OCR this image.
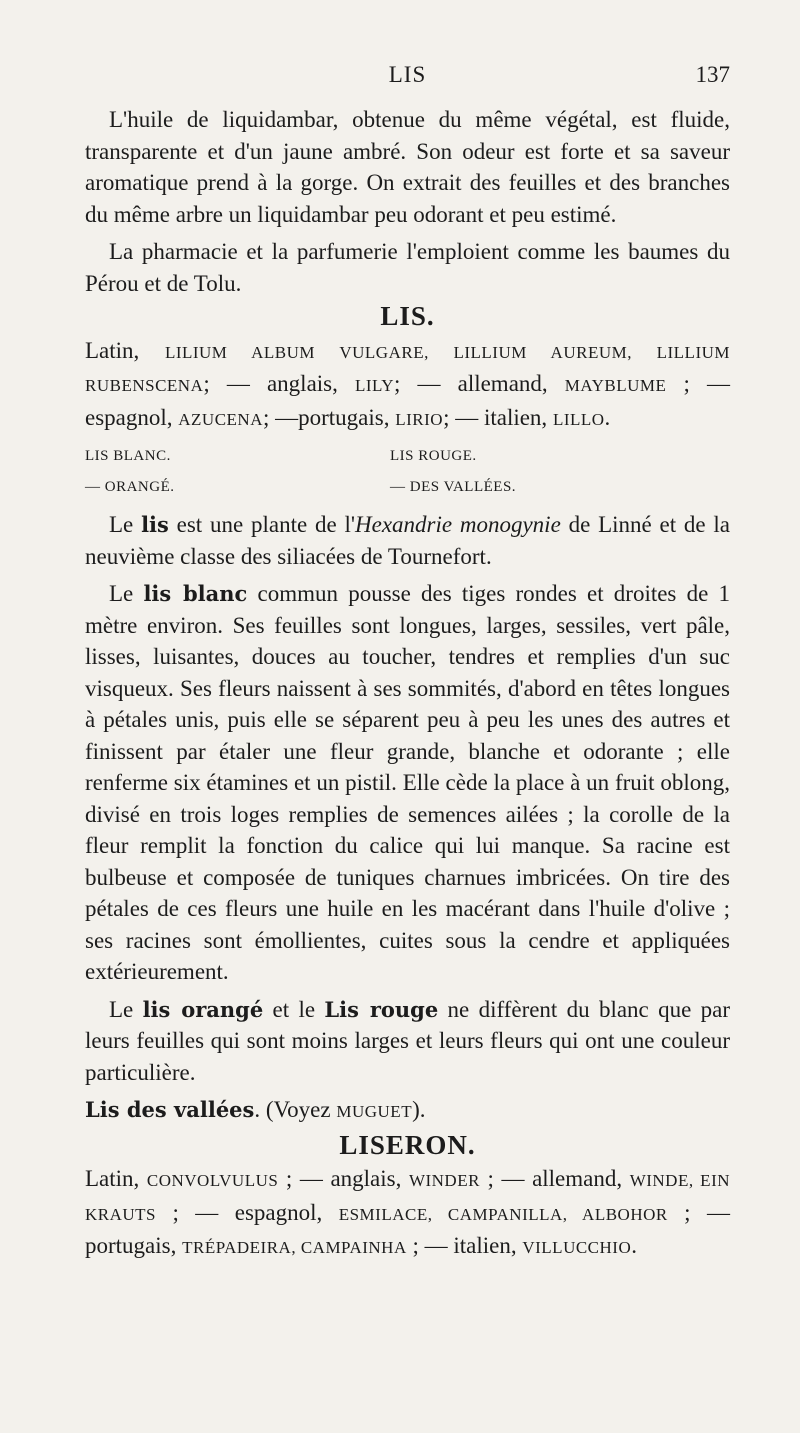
LIS	137

L'huile de liquidambar, obtenue du même végétal, est fluide, transparente et d'un jaune ambré. Son odeur est forte et sa saveur aromatique prend à la gorge. On extrait des feuilles et des branches du même arbre un liquidambar peu odorant et peu estimé.

La pharmacie et la parfumerie l'emploient comme les baumes du Pérou et de Tolu.

LIS.

Latin, LILIUM ALBUM VULGARE, LILLIUM AUREUM, LILLIUM RUBENSCENA; — anglais, LILY; — allemand, MAYBLUME ; — espagnol, AZUCENA; —portugais, LIRIO; — italien, LILLO.

LIS BLANC.	LIS ROUGE.
— ORANGÉ.	— DES VALLÉES.

Le lis est une plante de l'Hexandrie monogynie de Linné et de la neuvième classe des siliacées de Tournefort.

Le lis blanc commun pousse des tiges rondes et droites de 1 mètre environ. Ses feuilles sont longues, larges, sessiles, vert pâle, lisses, luisantes, douces au toucher, tendres et remplies d'un suc visqueux. Ses fleurs naissent à ses sommités, d'abord en têtes longues à pétales unis, puis elle se séparent peu à peu les unes des autres et finissent par étaler une fleur grande, blanche et odorante ; elle renferme six étamines et un pistil. Elle cède la place à un fruit oblong, divisé en trois loges remplies de semences ailées ; la corolle de la fleur remplit la fonction du calice qui lui manque. Sa racine est bulbeuse et composée de tuniques charnues imbricées. On tire des pétales de ces fleurs une huile en les macérant dans l'huile d'olive ; ses racines sont émollientes, cuites sous la cendre et appliquées extérieurement.

Le lis orangé et le Lis rouge ne diffèrent du blanc que par leurs feuilles qui sont moins larges et leurs fleurs qui ont une couleur particulière.

Lis des vallées. (Voyez MUGUET).

LISERON.

Latin, CONVOLVULUS ; — anglais, WINDER ; — allemand, WINDE, EIN KRAUTS ; — espagnol, ESMILACE, CAMPANILLA, ALBOHOR ; — portugais, TRÉPADEIRA, CAMPAINHA ; — italien, VILLUCCHIO.
